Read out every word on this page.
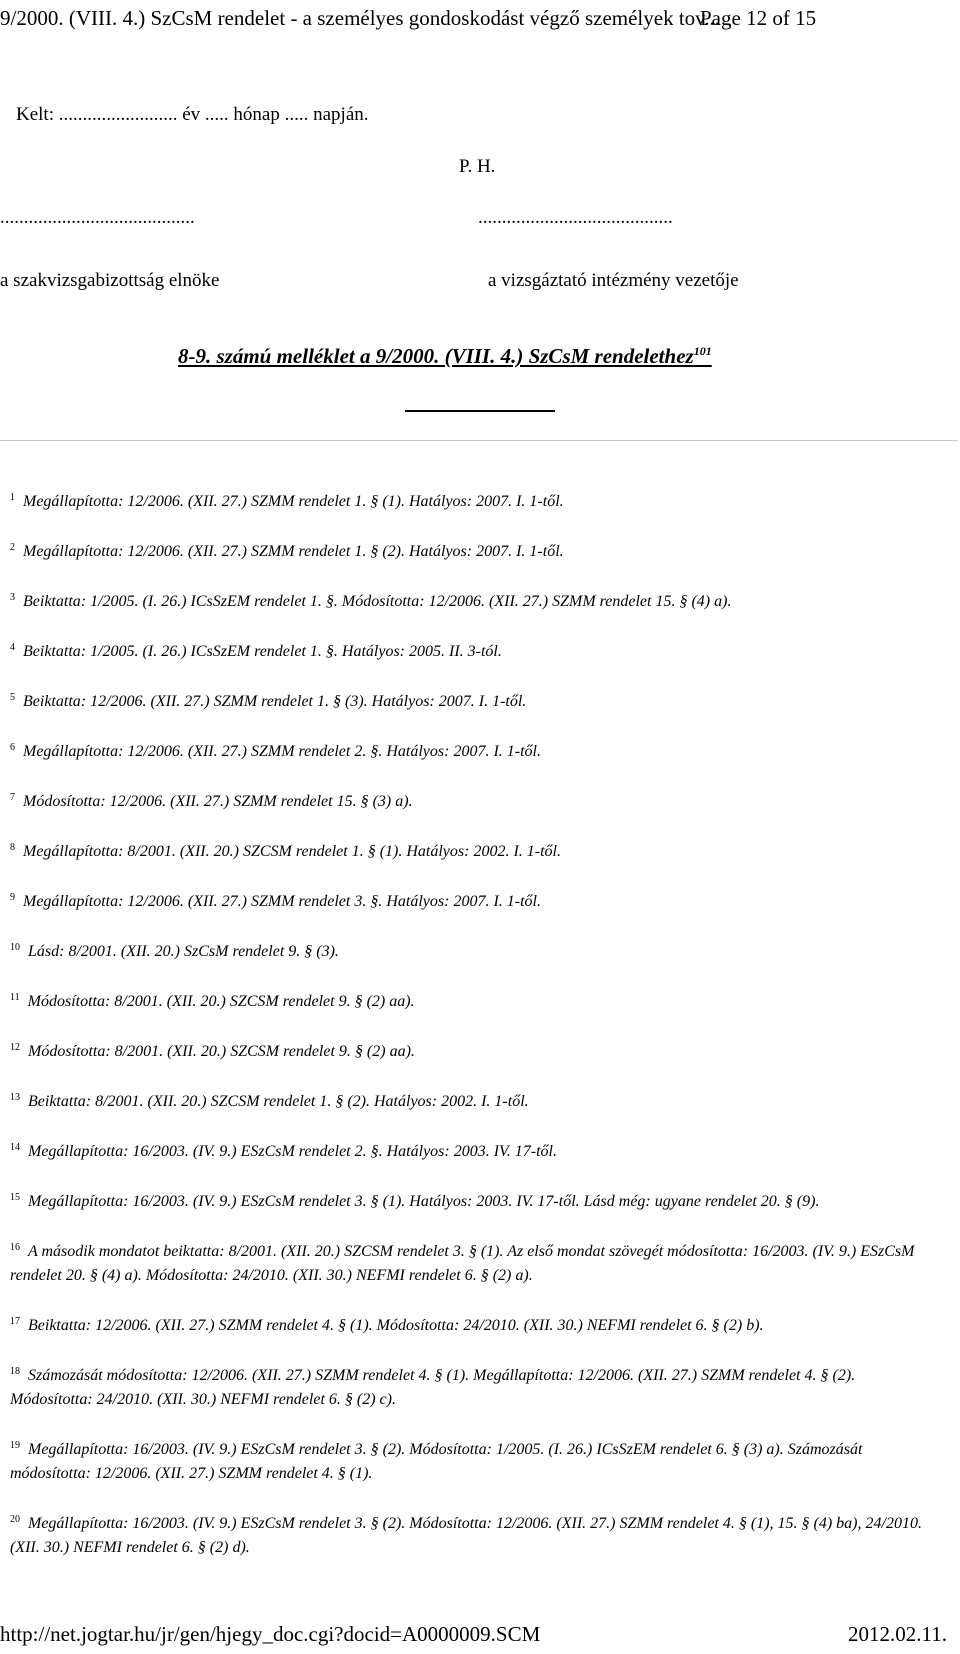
9/2000. (VIII. 4.) SzCsM rendelet - a személyes gondoskodást végző személyek tov...
Page 12 of 15
Kelt: ......................... év ..... hónap ..... napján.
P. H.
.........................................	.........................................
a szakvizsgabizottság elnöke	a vizsgáztató intézmény vezetője
8-9. számú melléklet a 9/2000. (VIII. 4.) SzCsM rendelethez$^{101}$
$^1$ Megállapította: 12/2006. (XII. 27.) SZMM rendelet 1. § (1). Hatályos: 2007. I. 1-től.
$^2$ Megállapította: 12/2006. (XII. 27.) SZMM rendelet 1. § (2). Hatályos: 2007. I. 1-től.
$^3$ Beiktatta: 1/2005. (I. 26.) ICsSzEM rendelet 1. §. Módosította: 12/2006. (XII. 27.) SZMM rendelet 15. § (4) a).
$^4$ Beiktatta: 1/2005. (I. 26.) ICsSzEM rendelet 1. §. Hatályos: 2005. II. 3-tól.
$^5$ Beiktatta: 12/2006. (XII. 27.) SZMM rendelet 1. § (3). Hatályos: 2007. I. 1-től.
$^6$ Megállapította: 12/2006. (XII. 27.) SZMM rendelet 2. §. Hatályos: 2007. I. 1-től.
$^7$ Módosította: 12/2006. (XII. 27.) SZMM rendelet 15. § (3) a).
$^8$ Megállapította: 8/2001. (XII. 20.) SZCSM rendelet 1. § (1). Hatályos: 2002. I. 1-től.
$^9$ Megállapította: 12/2006. (XII. 27.) SZMM rendelet 3. §. Hatályos: 2007. I. 1-től.
$^{10}$ Lásd: 8/2001. (XII. 20.) SzCsM rendelet 9. § (3).
$^{11}$ Módosította: 8/2001. (XII. 20.) SZCSM rendelet 9. § (2) aa).
$^{12}$ Módosította: 8/2001. (XII. 20.) SZCSM rendelet 9. § (2) aa).
$^{13}$ Beiktatta: 8/2001. (XII. 20.) SZCSM rendelet 1. § (2). Hatályos: 2002. I. 1-től.
$^{14}$ Megállapította: 16/2003. (IV. 9.) ESzCsM rendelet 2. §. Hatályos: 2003. IV. 17-től.
$^{15}$ Megállapította: 16/2003. (IV. 9.) ESzCsM rendelet 3. § (1). Hatályos: 2003. IV. 17-től. Lásd még: ugyane rendelet 20. § (9).
$^{16}$ A második mondatot beiktatta: 8/2001. (XII. 20.) SZCSM rendelet 3. § (1). Az első mondat szövegét módosította: 16/2003. (IV. 9.) ESzCsM rendelet 20. § (4) a). Módosította: 24/2010. (XII. 30.) NEFMI rendelet 6. § (2) a).
$^{17}$ Beiktatta: 12/2006. (XII. 27.) SZMM rendelet 4. § (1). Módosította: 24/2010. (XII. 30.) NEFMI rendelet 6. § (2) b).
$^{18}$ Számozását módosította: 12/2006. (XII. 27.) SZMM rendelet 4. § (1). Megállapította: 12/2006. (XII. 27.) SZMM rendelet 4. § (2). Módosította: 24/2010. (XII. 30.) NEFMI rendelet 6. § (2) c).
$^{19}$ Megállapította: 16/2003. (IV. 9.) ESzCsM rendelet 3. § (2). Módosította: 1/2005. (I. 26.) ICsSzEM rendelet 6. § (3) a). Számozását módosította: 12/2006. (XII. 27.) SZMM rendelet 4. § (1).
$^{20}$ Megállapította: 16/2003. (IV. 9.) ESzCsM rendelet 3. § (2). Módosította: 12/2006. (XII. 27.) SZMM rendelet 4. § (1), 15. § (4) ba), 24/2010. (XII. 30.) NEFMI rendelet 6. § (2) d).
http://net.jogtar.hu/jr/gen/hjegy_doc.cgi?docid=A0000009.SCM	2012.02.11.
